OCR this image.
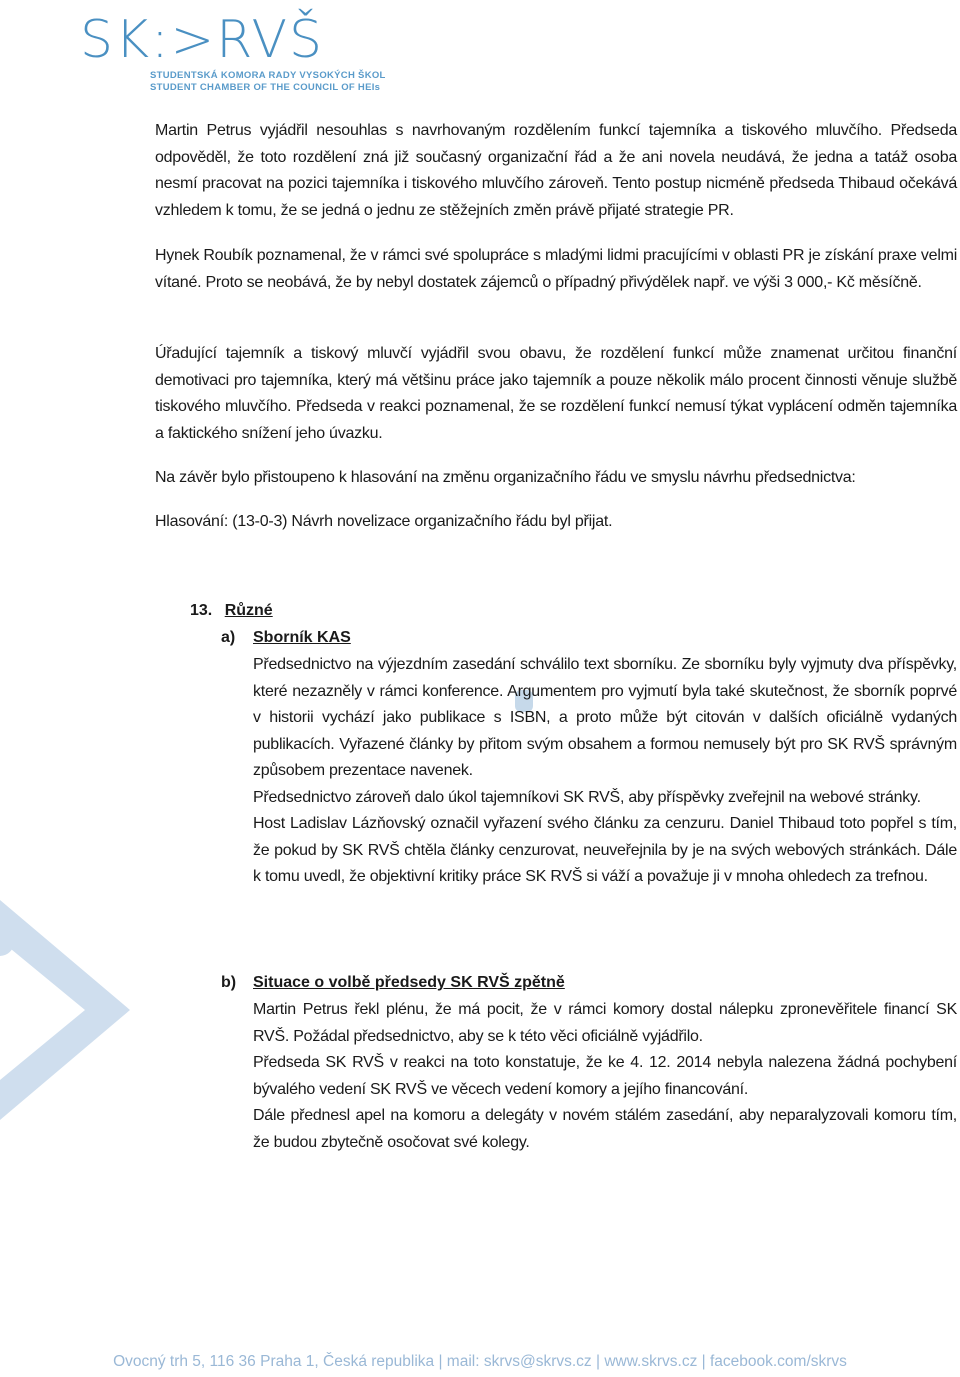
SK:>RVŠ
STUDENTSKÁ KOMORA RADY VYSOKÝCH ŠKOL
STUDENT CHAMBER OF THE COUNCIL OF HEIs
Martin Petrus vyjádřil nesouhlas s navrhovaným rozdělením funkcí tajemníka a tiskového mluvčího. Předseda odpověděl, že toto rozdělení zná již současný organizační řád a že ani novela neudává, že jedna a tatáž osoba nesmí pracovat na pozici tajemníka i tiskového mluvčího zároveň. Tento postup nicméně předseda Thibaud očekává vzhledem k tomu, že se jedná o jednu ze stěžejních změn právě přijaté strategie PR.
Hynek Roubík poznamenal, že v rámci své spolupráce s mladými lidmi pracujícími v oblasti PR je získání praxe velmi vítané. Proto se neobává, že by nebyl dostatek zájemců o případný přivýdělek např. ve výši 3 000,- Kč měsíčně.
Úřadující tajemník a tiskový mluvčí vyjádřil svou obavu, že rozdělení funkcí může znamenat určitou finanční demotivaci pro tajemníka, který má většinu práce jako tajemník a pouze několik málo procent činnosti věnuje službě tiskového mluvčího. Předseda v reakci poznamenal, že se rozdělení funkcí nemusí týkat vyplácení odměn tajemníka a faktického snížení jeho úvazku.
Na závěr bylo přistoupeno k hlasování na změnu organizačního řádu ve smyslu návrhu předsednictva:
Hlasování: (13-0-3) Návrh novelizace organizačního řádu byl přijat.
13. Různé
a) Sborník KAS

Předsednictvo na výjezdním zasedání schválilo text sborníku. Ze sborníku byly vyjmuty dva příspěvky, které nezazněly v rámci konference. Argumentem pro vyjmutí byla také skutečnost, že sborník poprvé v historii vychází jako publikace s ISBN, a proto může být citován v dalších oficiálně vydaných publikacích. Vyřazené články by přitom svým obsahem a formou nemusely být pro SK RVŠ správným způsobem prezentace navenek.

Předsednictvo zároveň dalo úkol tajemníkovi SK RVŠ, aby příspěvky zveřejnil na webové stránky.

Host Ladislav Lázňovský označil vyřazení svého článku za cenzuru. Daniel Thibaud toto popřel s tím, že pokud by SK RVŠ chtěla články cenzurovat, neuveřejnila by je na svých webových stránkách. Dále k tomu uvedl, že objektivní kritiky práce SK RVŠ si váží a považuje ji v mnoha ohledech za trefnou.

b) Situace o volbě předsedy SK RVŠ zpětně

Martin Petrus řekl plénu, že má pocit, že v rámci komory dostal nálepku zpronevěřitele financí SK RVŠ. Požádal předsednictvo, aby se k této věci oficiálně vyjádřilo.

Předseda SK RVŠ v reakci na toto konstatuje, že ke 4. 12. 2014 nebyla nalezena žádná pochybení bývalého vedení SK RVŠ ve věcech vedení komory a jejího financování.

Dále přednesl apel na komoru a delegáty v novém stálém zasedání, aby neparalyzovali komoru tím, že budou zbytečně osočovat své kolegy.

Ovocný trh 5, 116 36 Praha 1, Česká republika | mail: skrvs@skrvs.cz | www.skrvs.cz | facebook.com/skrvs
